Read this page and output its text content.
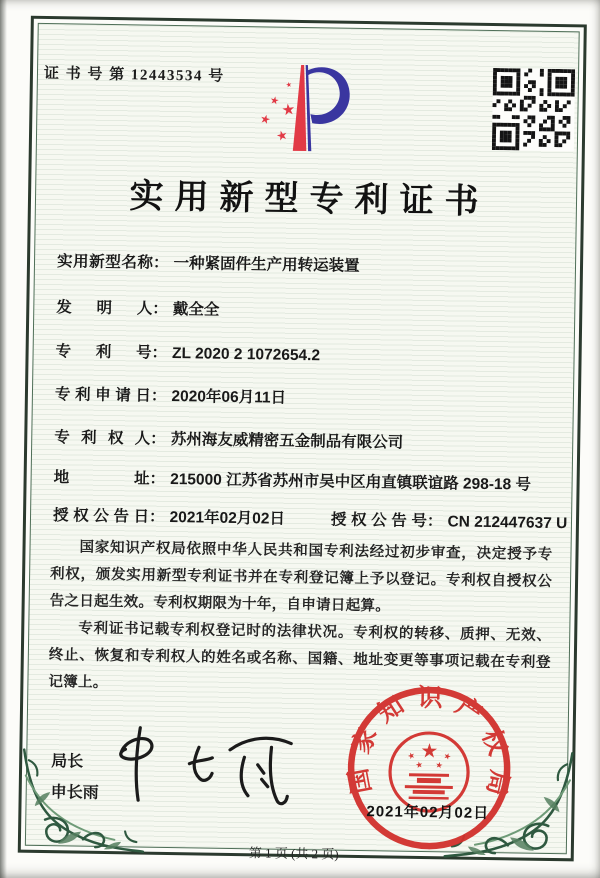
证 书 号 第 12443534 号
实用新型专利证书
实用新型名称： 一种紧固件生产用转运装置
发明人： 戴全全
专利号： ZL 2020 2 1072654.2
专利申请日： 2020年06月11日
专利权人： 苏州海友威精密五金制品有限公司
地址： 215000 江苏省苏州市吴中区甪直镇联谊路 298-18 号
授权公告日： 2021年02月02日	授权公告号： CN 212447637 U

国家知识产权局依照中华人民共和国专利法经过初步审查，决定授予专利权，颁发实用新型专利证书并在专利登记簿上予以登记。专利权自授权公告之日起生效。专利权期限为十年，自申请日起算。

专利证书记载专利权登记时的法律状况。专利权的转移、质押、无效、终止、恢复和专利权人的姓名或名称、国籍、地址变更等事项记载在专利登记簿上。

局长
申长雨	国家知识产权局
2021年02月02日
第 1 页 (共 2 页)
